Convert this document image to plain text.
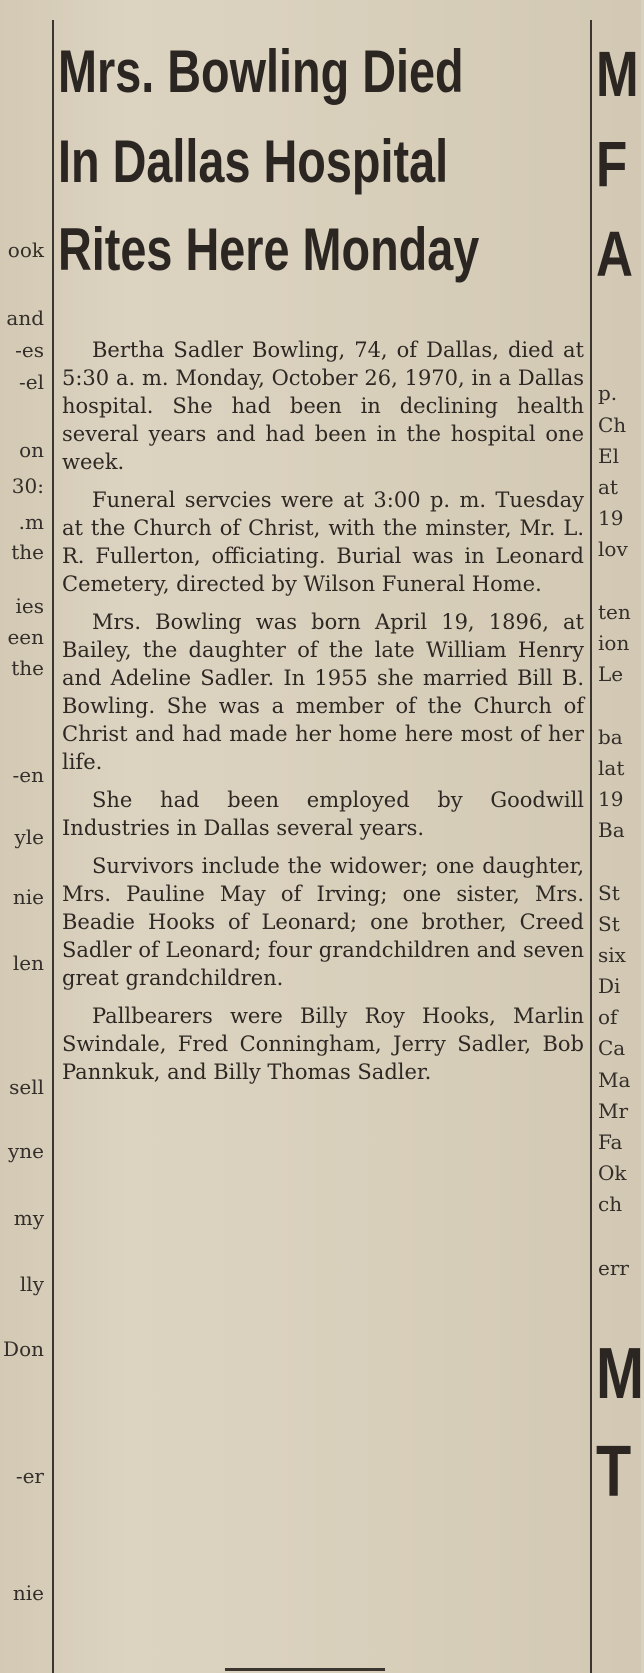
ook
and
es-
el-
on
:30
m.
the
ies
een
the
en-
yle
nie
len
sell
yne
my
lly
Don
er-
nie
Mrs. Bowling Died
In Dallas Hospital
Rites Here Monday

Bertha Sadler Bowling, 74, of Dallas, died at 5:30 a. m. Monday, October 26, 1970, in a Dallas hospital. She had been in declining health several years and had been in the hospital one week.

Funeral servcies were at 3:00 p. m. Tuesday at the Church of Christ, with the minster, Mr. L. R. Fullerton, officiating. Burial was in Leonard Cemetery, directed by Wilson Funeral Home.

Mrs. Bowling was born April 19, 1896, at Bailey, the daughter of the late William Henry and Adeline Sadler. In 1955 she married Bill B. Bowling. She was a member of the Church of Christ and had made her home here most of her life.

She had been employed by Goodwill Industries in Dallas several years.

Survivors include the widower; one daughter, Mrs. Pauline May of Irving; one sister, Mrs. Beadie Hooks of Leonard; one brother, Creed Sadler of Leonard; four grandchildren and seven great grandchildren.

Pallbearers were Billy Roy Hooks, Marlin Swindale, Fred Conningham, Jerry Sadler, Bob Pannkuk, and Billy Thomas Sadler.

M
F
A
p.
Ch
El
at
19
lov
ten
ion
Le
ba
lat
19
Ba
St
St
six
Di
of
Ca
Ma
Mr
Fa
Ok
ch
err
M
T
